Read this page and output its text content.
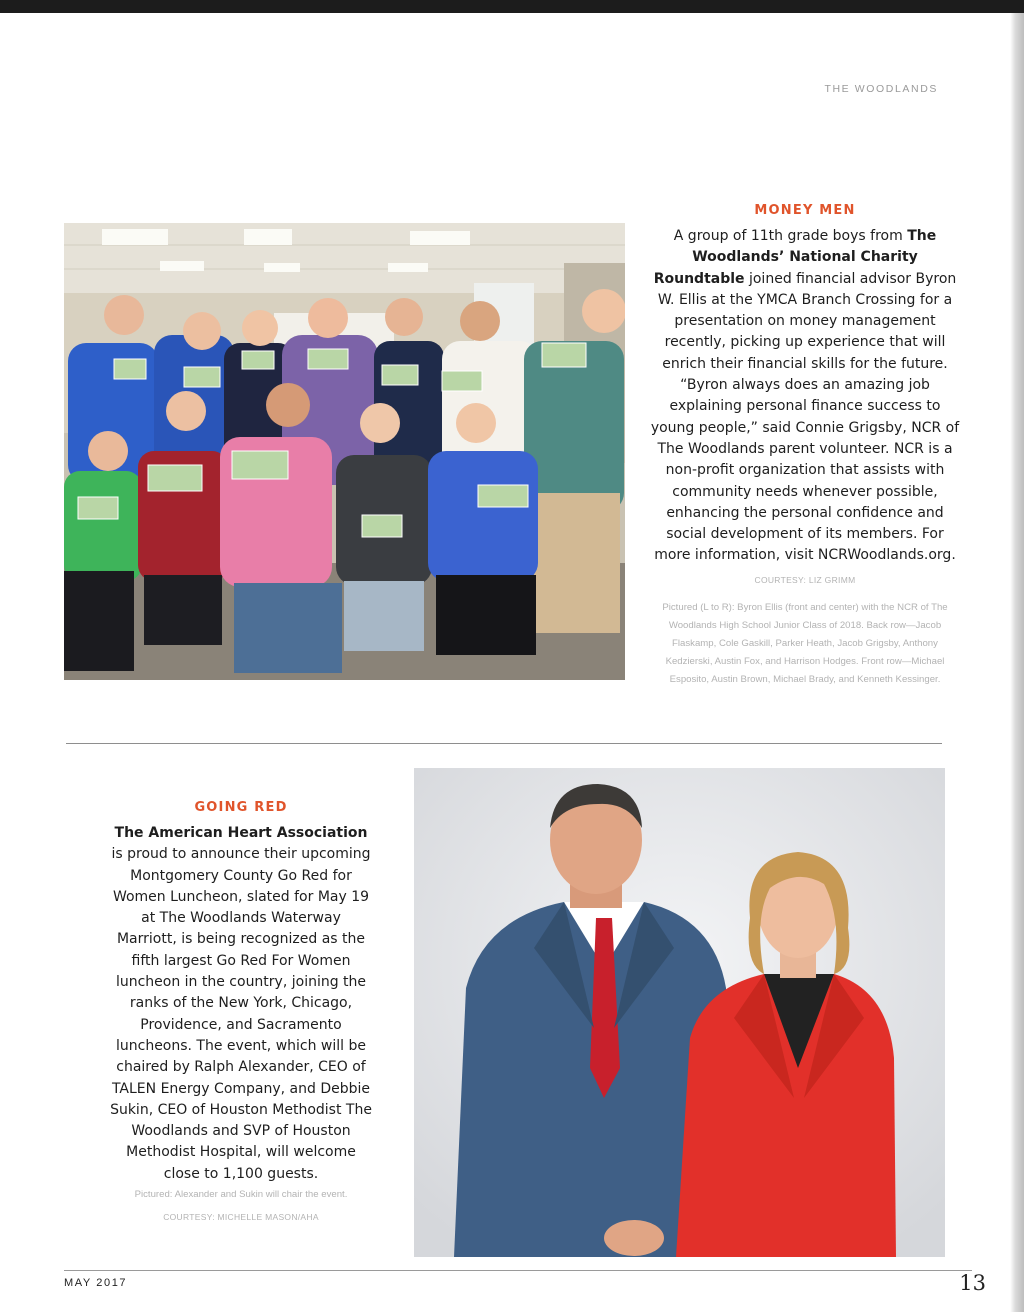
THE WOODLANDS
MONEY MEN

A group of 11th grade boys from The Woodlands’ National Charity Roundtable joined financial advisor Byron W. Ellis at the YMCA Branch Crossing for a presentation on money management recently, picking up experience that will enrich their financial skills for the future. “Byron always does an amazing job explaining personal finance success to young people,” said Connie Grigsby, NCR of The Woodlands parent volunteer. NCR is a non-profit organization that assists with community needs whenever possible, enhancing the personal confidence and social development of its members. For more information, visit NCRWoodlands.org.

COURTESY: LIZ GRIMM
Pictured (L to R): Byron Ellis (front and center) with the NCR of The Woodlands High School Junior Class of 2018. Back row—Jacob Flaskamp, Cole Gaskill, Parker Heath, Jacob Grigsby, Anthony Kedzierski, Austin Fox, and Harrison Hodges. Front row—Michael Esposito, Austin Brown, Michael Brady, and Kenneth Kessinger.
GOING RED

The American Heart Association is proud to announce their upcoming Montgomery County Go Red for Women Luncheon, slated for May 19 at The Woodlands Waterway Marriott, is being recognized as the fifth largest Go Red For Women luncheon in the country, joining the ranks of the New York, Chicago, Providence, and Sacramento luncheons. The event, which will be chaired by Ralph Alexander, CEO of TALEN Energy Company, and Debbie Sukin, CEO of Houston Methodist The Woodlands and SVP of Houston Methodist Hospital, will welcome close to 1,100 guests.

Pictured: Alexander and Sukin will chair the event.
COURTESY: MICHELLE MASON/AHA
MAY 2017	13
